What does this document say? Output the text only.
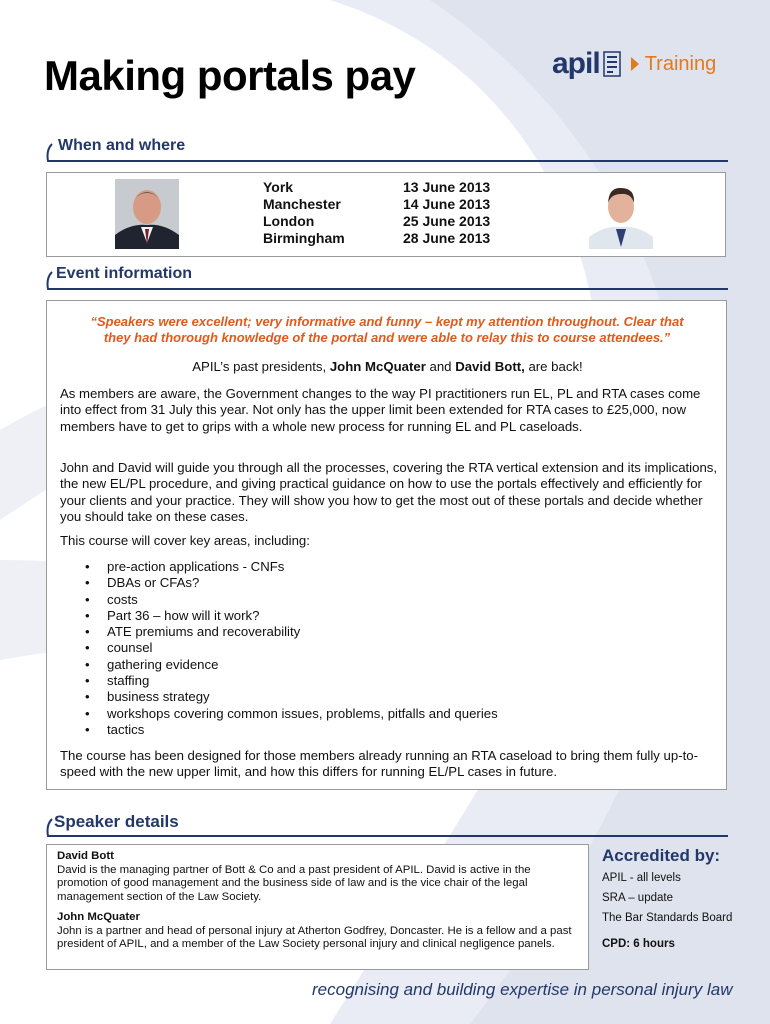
Making portals pay	apil Training
When and where
York	13 June 2013
Manchester	14 June 2013
London	25 June 2013
Birmingham	28 June 2013
Event information
“Speakers were excellent; very informative and funny – kept my attention throughout. Clear that
they had thorough knowledge of the portal and were able to relay this to course attendees.”
APIL’s past presidents, John McQuater and David Bott, are back!
As members are aware, the Government changes to the way PI practitioners run EL, PL and RTA cases come into effect from 31 July this year. Not only has the upper limit been extended for RTA cases to £25,000, now members have to get to grips with a whole new process for running EL and PL caseloads.
John and David will guide you through all the processes, covering the RTA vertical extension and its implications, the new EL/PL procedure, and giving practical guidance on how to use the portals effectively and efficiently for your clients and your practice. They will show you how to get the most out of these portals and decide whether you should take on these cases.
This course will cover key areas, including:
•	pre-action applications - CNFs
•	DBAs or CFAs?
•	costs
•	Part 36 – how will it work?
•	ATE premiums and recoverability
•	counsel
•	gathering evidence
•	staffing
•	business strategy
•	workshops covering common issues, problems, pitfalls and queries
•	tactics
The course has been designed for those members already running an RTA caseload to bring them fully up-to-speed with the new upper limit, and how this differs for running EL/PL cases in future.
Speaker details
David Bott
David is the managing partner of Bott & Co and a past president of APIL. David is active in the promotion of good management and the business side of law and is the vice chair of the legal management section of the Law Society.
John McQuater
John is a partner and head of personal injury at Atherton Godfrey, Doncaster. He is a fellow and a past president of APIL, and a member of the Law Society personal injury and clinical negligence panels.
Accredited by:
APIL - all levels
SRA – update
The Bar Standards Board
CPD: 6 hours
recognising and building expertise in personal injury law
